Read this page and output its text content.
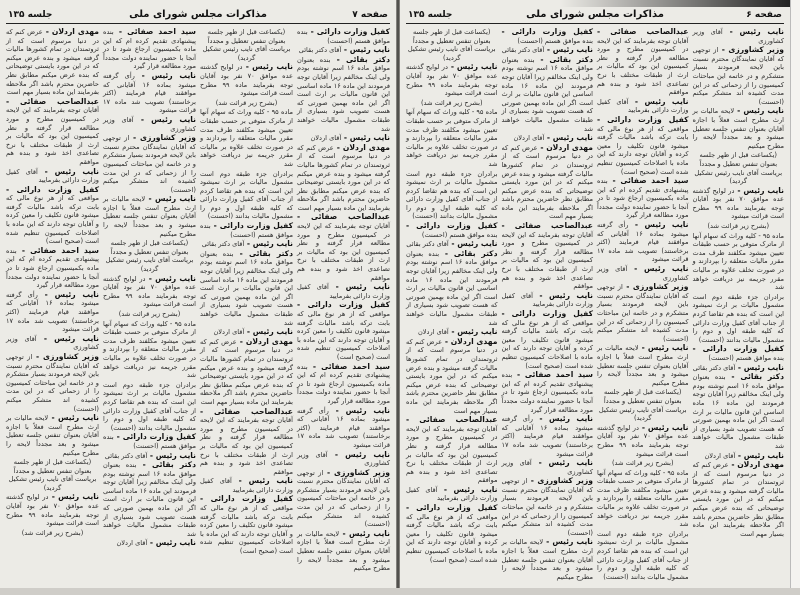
صفحه ۷
مذاکرات مجلس شورای ملی
جلسه ۱۳۵

کفیل وزارت دارائی - بنده موافق هستم (احسنت)

نایب رئیس - آقای دکتر بقائی

دکتر بقائی - بنده بعنوان موافق ماده ۱۶ اسم نوشته بودم ولی اینک مخالفم زیرا آقایان توجه فرمودند این ماده ۱۶ ماده اساسی این قانون مالیات بر ارث است اگر این ماده بهمین صورتی که هست تصویب شود بسیاری از طبقات مشمول مالیات خواهند شد

نایب رئیس - آقای اردلان

مهدی اردلان - عرض کنم که در دنیا مرسوم است که از ثروتمندان در تمام کشورها مالیات گرفته میشود و بنده عرض میکنم که در این مورد بایستی توضیحاتی که بنده عرض میکنم مطابق نظر حاضرین محترم باشد اگر ملاحظه بفرمایند این ماده بسیار مهم است

عبدالصاحب صفائی - آقایان توجه بفرمایند که این لایحه در کمیسیون مطرح و مورد مطالعه قرار گرفته و نظر کمیسیون این بود که مالیات بر ارث از طبقات مختلف با نرخ تصاعدی اخذ شود و بنده هم موافقم

نایب رئیس - آقای کفیل وزارت دارائی بفرمایید

کفیل وزارت دارائی - مواقعی که از هر نوع مالی که بابت ترکه باشد مالیات گرفته میشود قانون تکلیف را معین کرده و آقایان توجه دارند که این ماده با اصلاحات کمیسیون تنظیم شده است (صحیح است)

سید احمد صفائی - بنده پیشنهادی تقدیم کرده ام که این ماده بکمیسیون ارجاع شود تا در آنجا با حضور نماینده دولت مجدداً مورد مطالعه قرار گیرد

نایب رئیس - رأی گرفته میشود بماده ۱۶ آقایانی که موافقند قیام فرمایند (اکثر برخاستند) تصویب شد ماده ۱۷ قرائت میشود

نایب رئیس - آقای وزیر کشاورزی

وزیر کشاورزی - از توجهی که آقایان نمایندگان محترم نسبت باین لایحه فرمودند بسیار متشکرم و در خاتمه این مباحثات کمیسیون را از زحماتی که در این مدت کشیده اند متشکر میکنم (احسنت)

نایب رئیس - لایحه مالیات بر ارث مطرح است فعلاً با اجازه آقایان بعنوان تنفس جلسه تعطیل میشود و بعد مجدداً لایحه را مطرح میکنیم

(یکساعت قبل از ظهر جلسه بعنوان تنفس تعطیل و مجدداً بریاست آقای نایب رئیس تشکیل گردید)

نایب رئیس - در لوایح گذشته عده موافق ۷۰ نفر بود آقایان توجه بفرمایند ماده ۹۹ مطرح است قرائت میشود

(بشرح زیر قرائت شد)

ماده ۹۵ - کلیه وراث که سهام آنها از ماترک متوفی بر حسب طبقات تعیین میشود مکلفند ظرف مدت مقرر مالیات متعلقه را بپردازند و در صورت تخلف علاوه بر مالیات مقرر جریمه نیز دریافت خواهد شد

برادران جزء طبقه دوم است مشمول مالیات بر ارث نمیشود این است که بنده هم تقاضا کردم از جناب آقای کفیل وزارت دارائی که کلیه طبقه اول و دوم را مشمول مالیات بدانند (احسنت)

کفیل وزارت دارائی - بنده موافق هستم (احسنت)

نایب رئیس - آقای دکتر بقائی

دکتر بقائی - بنده بعنوان موافق ماده ۱۶ اسم نوشته بودم ولی اینک مخالفم زیرا آقایان توجه فرمودند این ماده ۱۶ ماده اساسی این قانون مالیات بر ارث است اگر این ماده بهمین صورتی که هست تصویب شود بسیاری از طبقات مشمول مالیات خواهند شد

نایب رئیس - آقای اردلان

مهدی اردلان - عرض کنم که در دنیا مرسوم است که از ثروتمندان در تمام کشورها مالیات گرفته میشود و بنده عرض میکنم که در این مورد بایستی توضیحاتی که بنده عرض میکنم مطابق نظر حاضرین محترم باشد اگر ملاحظه بفرمایند این ماده بسیار مهم است

عبدالصاحب صفائی - آقایان توجه بفرمایند که این لایحه در کمیسیون مطرح و مورد مطالعه قرار گرفته و نظر کمیسیون این بود که مالیات بر ارث از طبقات مختلف با نرخ تصاعدی اخذ شود و بنده هم موافقم

نایب رئیس - آقای کفیل وزارت دارائی بفرمایید

کفیل وزارت دارائی - مواقعی که از هر نوع مالی که بابت ترکه باشد مالیات گرفته میشود قانون تکلیف را معین کرده و آقایان توجه دارند که این ماده با اصلاحات کمیسیون تنظیم شده است (صحیح است)

سید احمد صفائی - بنده پیشنهادی تقدیم کرده ام که این ماده بکمیسیون ارجاع شود تا در آنجا با حضور نماینده دولت مجدداً مورد مطالعه قرار گیرد

نایب رئیس - رأی گرفته میشود بماده ۱۶ آقایانی که موافقند قیام فرمایند (اکثر برخاستند) تصویب شد ماده ۱۷ قرائت میشود

نایب رئیس - آقای وزیر کشاورزی

وزیر کشاورزی - از توجهی که آقایان نمایندگان محترم نسبت باین لایحه فرمودند بسیار متشکرم و در خاتمه این مباحثات کمیسیون را از زحماتی که در این مدت کشیده اند متشکر میکنم (احسنت)

نایب رئیس - لایحه مالیات بر ارث مطرح است فعلاً با اجازه آقایان بعنوان تنفس جلسه تعطیل میشود و بعد مجدداً لایحه را مطرح میکنیم

(یکساعت قبل از ظهر جلسه بعنوان تنفس تعطیل و مجدداً بریاست آقای نایب رئیس تشکیل گردید)

نایب رئیس - در لوایح گذشته عده موافق ۷۰ نفر بود آقایان توجه بفرمایند ماده ۹۹ مطرح است قرائت میشود

(بشرح زیر قرائت شد)

ماده ۹۵ - کلیه وراث که سهام آنها از ماترک متوفی بر حسب طبقات تعیین میشود مکلفند ظرف مدت مقرر مالیات متعلقه را بپردازند و در صورت تخلف علاوه بر مالیات مقرر جریمه نیز دریافت خواهد شد

برادران جزء طبقه دوم است مشمول مالیات بر ارث نمیشود این است که بنده هم تقاضا کردم از جناب آقای کفیل وزارت دارائی که کلیه طبقه اول و دوم را مشمول مالیات بدانند (احسنت)

کفیل وزارت دارائی - بنده موافق هستم (احسنت)

نایب رئیس - آقای دکتر بقائی

دکتر بقائی - بنده بعنوان موافق ماده ۱۶ اسم نوشته بودم ولی اینک مخالفم زیرا آقایان توجه فرمودند این ماده ۱۶ ماده اساسی این قانون مالیات بر ارث است اگر این ماده بهمین صورتی که هست تصویب شود بسیاری از طبقات مشمول مالیات خواهند شد

نایب رئیس - آقای اردلان

مهدی اردلان - عرض کنم که در دنیا مرسوم است که از ثروتمندان در تمام کشورها مالیات گرفته میشود و بنده عرض میکنم که در این مورد بایستی توضیحاتی که بنده عرض میکنم مطابق نظر حاضرین محترم باشد اگر ملاحظه بفرمایند این ماده بسیار مهم است

عبدالصاحب صفائی - آقایان توجه بفرمایند که این لایحه در کمیسیون مطرح و مورد مطالعه قرار گرفته و نظر کمیسیون این بود که مالیات بر ارث از طبقات مختلف با نرخ تصاعدی اخذ شود و بنده هم موافقم

نایب رئیس - آقای کفیل وزارت دارائی بفرمایید

کفیل وزارت دارائی - مواقعی که از هر نوع مالی که بابت ترکه باشد مالیات گرفته میشود قانون تکلیف را معین کرده و آقایان توجه دارند که این ماده با اصلاحات کمیسیون تنظیم شده است (صحیح است)

سید احمد صفائی - بنده پیشنهادی تقدیم کرده ام که این ماده بکمیسیون ارجاع شود تا در آنجا با حضور نماینده دولت مجدداً مورد مطالعه قرار گیرد

نایب رئیس - رأی گرفته میشود بماده ۱۶ آقایانی که موافقند قیام فرمایند (اکثر برخاستند) تصویب شد ماده ۱۷ قرائت میشود

نایب رئیس - آقای وزیر کشاورزی

وزیر کشاورزی - از توجهی که آقایان نمایندگان محترم نسبت باین لایحه فرمودند بسیار متشکرم و در خاتمه این مباحثات کمیسیون را از زحماتی که در این مدت کشیده اند متشکر میکنم (احسنت)

نایب رئیس - لایحه مالیات بر ارث مطرح است فعلاً با اجازه آقایان بعنوان تنفس جلسه تعطیل میشود و بعد مجدداً لایحه را مطرح میکنیم

(یکساعت قبل از ظهر جلسه بعنوان تنفس تعطیل و مجدداً بریاست آقای نایب رئیس تشکیل گردید)

نایب رئیس - در لوایح گذشته عده موافق ۷۰ نفر بود آقایان توجه بفرمایند ماده ۹۹ مطرح است قرائت میشود

(بشرح زیر قرائت شد)

صفحه ۶
مذاکرات مجلس شورای ملی
جلسه ۱۳۵

نایب رئیس - آقای وزیر کشاورزی

وزیر کشاورزی - از توجهی که آقایان نمایندگان محترم نسبت باین لایحه فرمودند بسیار متشکرم و در خاتمه این مباحثات کمیسیون را از زحماتی که در این مدت کشیده اند متشکر میکنم (احسنت)

نایب رئیس - لایحه مالیات بر ارث مطرح است فعلاً با اجازه آقایان بعنوان تنفس جلسه تعطیل میشود و بعد مجدداً لایحه را مطرح میکنیم

(یکساعت قبل از ظهر جلسه بعنوان تنفس تعطیل و مجدداً بریاست آقای نایب رئیس تشکیل گردید)

نایب رئیس - در لوایح گذشته عده موافق ۷۰ نفر بود آقایان توجه بفرمایند ماده ۹۹ مطرح است قرائت میشود

(بشرح زیر قرائت شد)

ماده ۹۵ - کلیه وراث که سهام آنها از ماترک متوفی بر حسب طبقات تعیین میشود مکلفند ظرف مدت مقرر مالیات متعلقه را بپردازند و در صورت تخلف علاوه بر مالیات مقرر جریمه نیز دریافت خواهد شد

برادران جزء طبقه دوم است مشمول مالیات بر ارث نمیشود این است که بنده هم تقاضا کردم از جناب آقای کفیل وزارت دارائی که کلیه طبقه اول و دوم را مشمول مالیات بدانند (احسنت)

کفیل وزارت دارائی - بنده موافق هستم (احسنت)

نایب رئیس - آقای دکتر بقائی

دکتر بقائی - بنده بعنوان موافق ماده ۱۶ اسم نوشته بودم ولی اینک مخالفم زیرا آقایان توجه فرمودند این ماده ۱۶ ماده اساسی این قانون مالیات بر ارث است اگر این ماده بهمین صورتی که هست تصویب شود بسیاری از طبقات مشمول مالیات خواهند شد

نایب رئیس - آقای اردلان

مهدی اردلان - عرض کنم که در دنیا مرسوم است که از ثروتمندان در تمام کشورها مالیات گرفته میشود و بنده عرض میکنم که در این مورد بایستی توضیحاتی که بنده عرض میکنم مطابق نظر حاضرین محترم باشد اگر ملاحظه بفرمایند این ماده بسیار مهم است

عبدالصاحب صفائی - آقایان توجه بفرمایند که این لایحه در کمیسیون مطرح و مورد مطالعه قرار گرفته و نظر کمیسیون این بود که مالیات بر ارث از طبقات مختلف با نرخ تصاعدی اخذ شود و بنده هم موافقم

نایب رئیس - آقای کفیل وزارت دارائی بفرمایید

کفیل وزارت دارائی - مواقعی که از هر نوع مالی که بابت ترکه باشد مالیات گرفته میشود قانون تکلیف را معین کرده و آقایان توجه دارند که این ماده با اصلاحات کمیسیون تنظیم شده است (صحیح است)

سید احمد صفائی - بنده پیشنهادی تقدیم کرده ام که این ماده بکمیسیون ارجاع شود تا در آنجا با حضور نماینده دولت مجدداً مورد مطالعه قرار گیرد

نایب رئیس - رأی گرفته میشود بماده ۱۶ آقایانی که موافقند قیام فرمایند (اکثر برخاستند) تصویب شد ماده ۱۷ قرائت میشود

نایب رئیس - آقای وزیر کشاورزی

وزیر کشاورزی - از توجهی که آقایان نمایندگان محترم نسبت باین لایحه فرمودند بسیار متشکرم و در خاتمه این مباحثات کمیسیون را از زحماتی که در این مدت کشیده اند متشکر میکنم (احسنت)

نایب رئیس - لایحه مالیات بر ارث مطرح است فعلاً با اجازه آقایان بعنوان تنفس جلسه تعطیل میشود و بعد مجدداً لایحه را مطرح میکنیم

(یکساعت قبل از ظهر جلسه بعنوان تنفس تعطیل و مجدداً بریاست آقای نایب رئیس تشکیل گردید)

نایب رئیس - در لوایح گذشته عده موافق ۷۰ نفر بود آقایان توجه بفرمایند ماده ۹۹ مطرح است قرائت میشود

(بشرح زیر قرائت شد)

ماده ۹۵ - کلیه وراث که سهام آنها از ماترک متوفی بر حسب طبقات تعیین میشود مکلفند ظرف مدت مقرر مالیات متعلقه را بپردازند و در صورت تخلف علاوه بر مالیات مقرر جریمه نیز دریافت خواهد شد

برادران جزء طبقه دوم است مشمول مالیات بر ارث نمیشود این است که بنده هم تقاضا کردم از جناب آقای کفیل وزارت دارائی که کلیه طبقه اول و دوم را مشمول مالیات بدانند (احسنت)

کفیل وزارت دارائی - بنده موافق هستم (احسنت)

نایب رئیس - آقای دکتر بقائی

دکتر بقائی - بنده بعنوان موافق ماده ۱۶ اسم نوشته بودم ولی اینک مخالفم زیرا آقایان توجه فرمودند این ماده ۱۶ ماده اساسی این قانون مالیات بر ارث است اگر این ماده بهمین صورتی که هست تصویب شود بسیاری از طبقات مشمول مالیات خواهند شد

نایب رئیس - آقای اردلان

مهدی اردلان - عرض کنم که در دنیا مرسوم است که از ثروتمندان در تمام کشورها مالیات گرفته میشود و بنده عرض میکنم که در این مورد بایستی توضیحاتی که بنده عرض میکنم مطابق نظر حاضرین محترم باشد اگر ملاحظه بفرمایند این ماده بسیار مهم است

عبدالصاحب صفائی - آقایان توجه بفرمایند که این لایحه در کمیسیون مطرح و مورد مطالعه قرار گرفته و نظر کمیسیون این بود که مالیات بر ارث از طبقات مختلف با نرخ تصاعدی اخذ شود و بنده هم موافقم

نایب رئیس - آقای کفیل وزارت دارائی بفرمایید

کفیل وزارت دارائی - مواقعی که از هر نوع مالی که بابت ترکه باشد مالیات گرفته میشود قانون تکلیف را معین کرده و آقایان توجه دارند که این ماده با اصلاحات کمیسیون تنظیم شده است (صحیح است)

سید احمد صفائی - بنده پیشنهادی تقدیم کرده ام که این ماده بکمیسیون ارجاع شود تا در آنجا با حضور نماینده دولت مجدداً مورد مطالعه قرار گیرد

نایب رئیس - رأی گرفته میشود بماده ۱۶ آقایانی که موافقند قیام فرمایند (اکثر برخاستند) تصویب شد ماده ۱۷ قرائت میشود

نایب رئیس - آقای وزیر کشاورزی

وزیر کشاورزی - از توجهی که آقایان نمایندگان محترم نسبت باین لایحه فرمودند بسیار متشکرم و در خاتمه این مباحثات کمیسیون را از زحماتی که در این مدت کشیده اند متشکر میکنم (احسنت)

نایب رئیس - لایحه مالیات بر ارث مطرح است فعلاً با اجازه آقایان بعنوان تنفس جلسه تعطیل میشود و بعد مجدداً لایحه را مطرح میکنیم

(یکساعت قبل از ظهر جلسه بعنوان تنفس تعطیل و مجدداً بریاست آقای نایب رئیس تشکیل گردید)

نایب رئیس - در لوایح گذشته عده موافق ۷۰ نفر بود آقایان توجه بفرمایند ماده ۹۹ مطرح است قرائت میشود

(بشرح زیر قرائت شد)

ماده ۹۵ - کلیه وراث که سهام آنها از ماترک متوفی بر حسب طبقات تعیین میشود مکلفند ظرف مدت مقرر مالیات متعلقه را بپردازند و در صورت تخلف علاوه بر مالیات مقرر جریمه نیز دریافت خواهد شد

برادران جزء طبقه دوم است مشمول مالیات بر ارث نمیشود این است که بنده هم تقاضا کردم از جناب آقای کفیل وزارت دارائی که کلیه طبقه اول و دوم را مشمول مالیات بدانند (احسنت)

کفیل وزارت دارائی - بنده موافق هستم (احسنت)

نایب رئیس - آقای دکتر بقائی

دکتر بقائی - بنده بعنوان موافق ماده ۱۶ اسم نوشته بودم ولی اینک مخالفم زیرا آقایان توجه فرمودند این ماده ۱۶ ماده اساسی این قانون مالیات بر ارث است اگر این ماده بهمین صورتی که هست تصویب شود بسیاری از طبقات مشمول مالیات خواهند شد

نایب رئیس - آقای اردلان

مهدی اردلان - عرض کنم که در دنیا مرسوم است که از ثروتمندان در تمام کشورها مالیات گرفته میشود و بنده عرض میکنم که در این مورد بایستی توضیحاتی که بنده عرض میکنم مطابق نظر حاضرین محترم باشد اگر ملاحظه بفرمایند این ماده بسیار مهم است

عبدالصاحب صفائی - آقایان توجه بفرمایند که این لایحه در کمیسیون مطرح و مورد مطالعه قرار گرفته و نظر کمیسیون این بود که مالیات بر ارث از طبقات مختلف با نرخ تصاعدی اخذ شود و بنده هم موافقم

نایب رئیس - آقای کفیل وزارت دارائی بفرمایید

کفیل وزارت دارائی - مواقعی که از هر نوع مالی که بابت ترکه باشد مالیات گرفته میشود قانون تکلیف را معین کرده و آقایان توجه دارند که این ماده با اصلاحات کمیسیون تنظیم شده است (صحیح است)
